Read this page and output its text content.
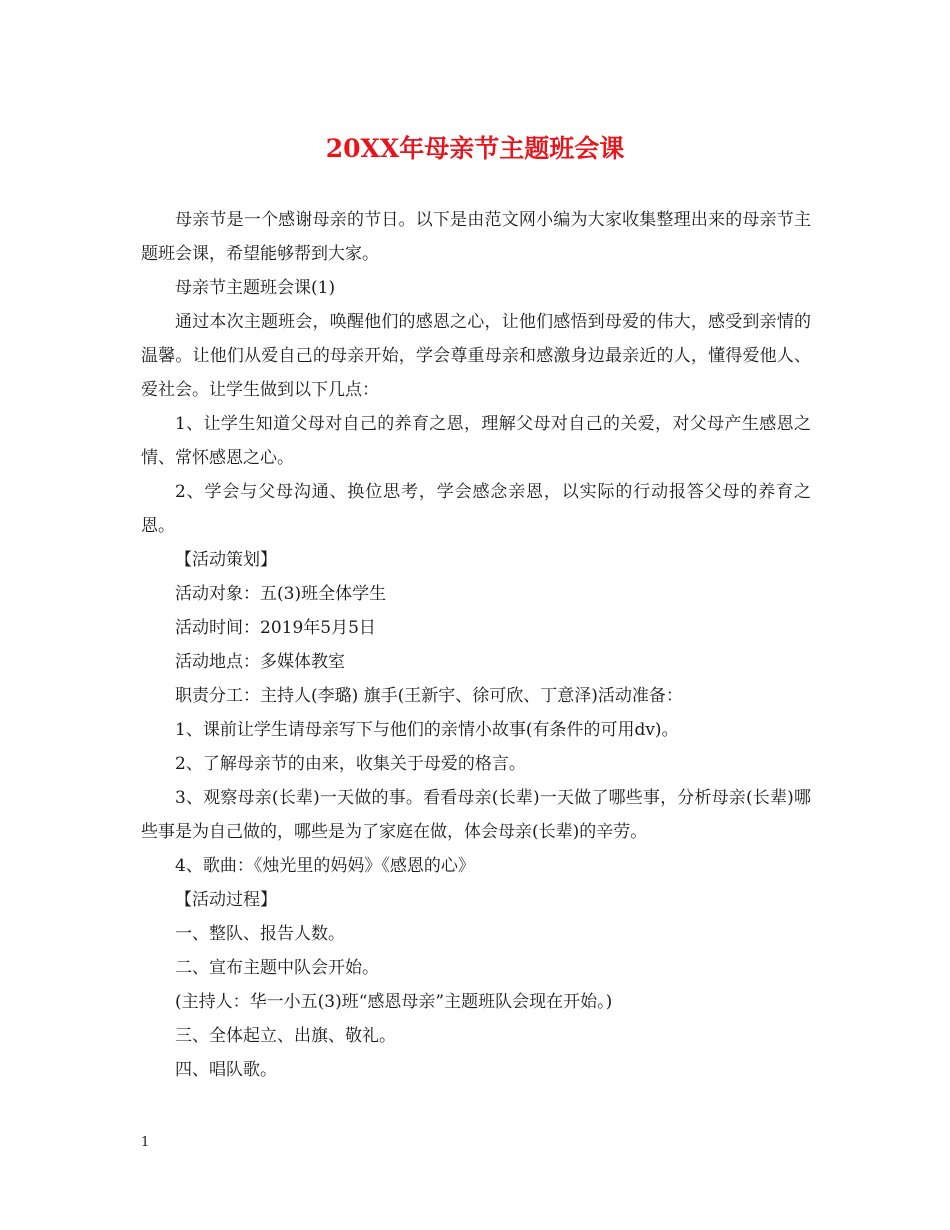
20XX年母亲节主题班会课

母亲节是一个感谢母亲的节日。以下是由范文网小编为大家收集整理出来的母亲节主题班会课，希望能够帮到大家。

母亲节主题班会课(1)

通过本次主题班会，唤醒他们的感恩之心，让他们感悟到母爱的伟大，感受到亲情的温馨。让他们从爱自己的母亲开始，学会尊重母亲和感激身边最亲近的人，懂得爱他人、爱社会。让学生做到以下几点：

1、让学生知道父母对自己的养育之恩，理解父母对自己的关爱，对父母产生感恩之情、常怀感恩之心。

2、学会与父母沟通、换位思考，学会感念亲恩，以实际的行动报答父母的养育之恩。

【活动策划】

活动对象：五(3)班全体学生

活动时间：2019年5月5日

活动地点：多媒体教室

职责分工：主持人(李璐) 旗手(王新宇、徐可欣、丁意泽)活动准备：

1、课前让学生请母亲写下与他们的亲情小故事(有条件的可用dv)。

2、了解母亲节的由来，收集关于母爱的格言。

3、观察母亲(长辈)一天做的事。看看母亲(长辈)一天做了哪些事，分析母亲(长辈)哪些事是为自己做的，哪些是为了家庭在做，体会母亲(长辈)的辛劳。

4、歌曲：《烛光里的妈妈》《感恩的心》

【活动过程】

一、整队、报告人数。

二、宣布主题中队会开始。

(主持人：华一小五(3)班“感恩母亲”主题班队会现在开始。)

三、全体起立、出旗、敬礼。

四、唱队歌。

1
